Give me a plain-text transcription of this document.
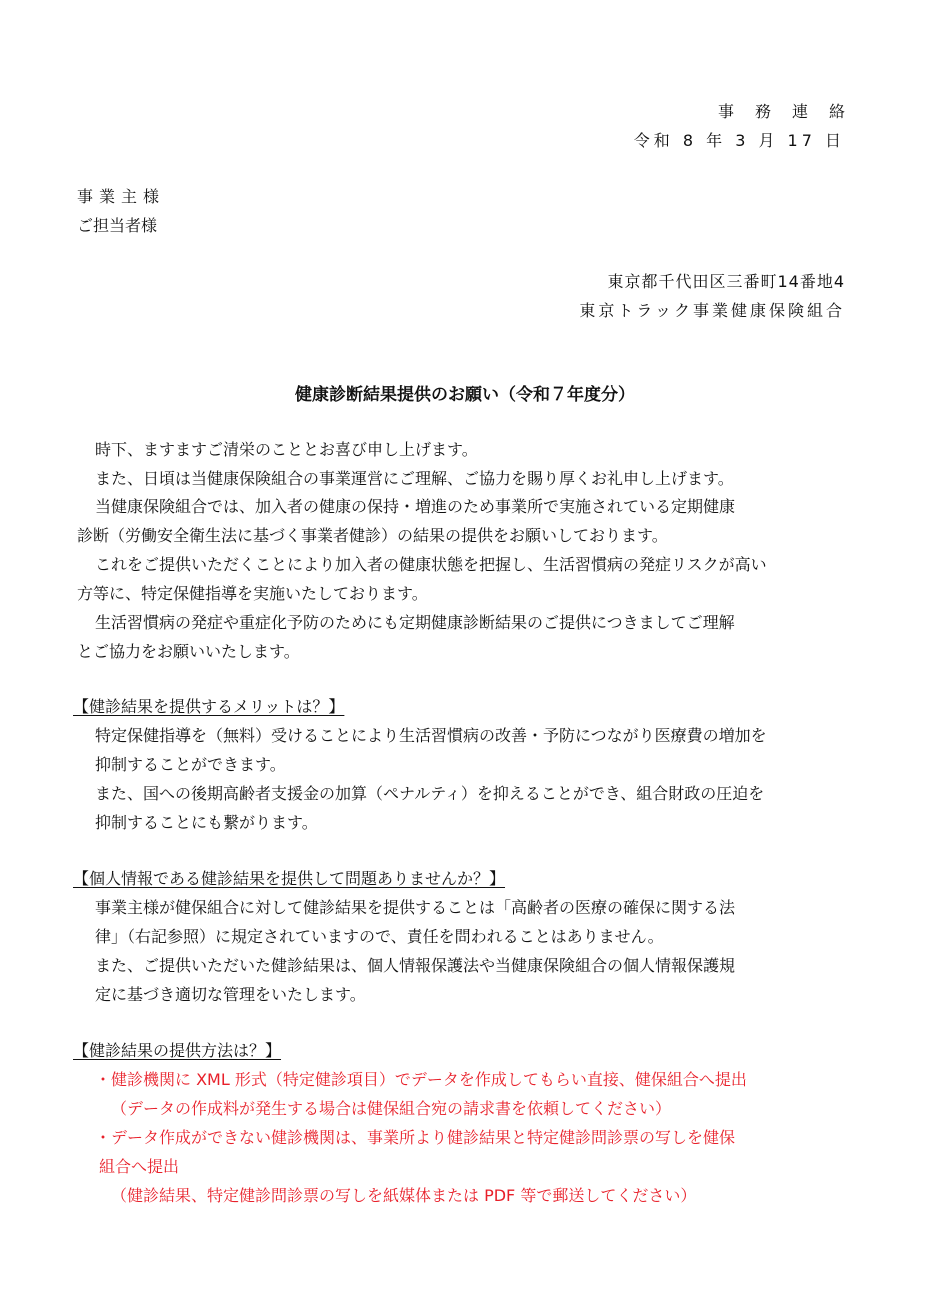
事務連絡

令和 8 年 3 月 17 日

事業主様

ご担当者様

東京都千代田区三番町14番地4

東京トラック事業健康保険組合

健康診断結果提供のお願い（令和７年度分）

時下、ますますご清栄のこととお喜び申し上げます。

また、日頃は当健康保険組合の事業運営にご理解、ご協力を賜り厚くお礼申し上げます。

当健康保険組合では、加入者の健康の保持・増進のため事業所で実施されている定期健康

診断（労働安全衛生法に基づく事業者健診）の結果の提供をお願いしております。

これをご提供いただくことにより加入者の健康状態を把握し、生活習慣病の発症リスクが高い

方等に、特定保健指導を実施いたしております。

生活習慣病の発症や重症化予防のためにも定期健康診断結果のご提供につきましてご理解

とご協力をお願いいたします。

【健診結果を提供するメリットは？】

特定保健指導を（無料）受けることにより生活習慣病の改善・予防につながり医療費の増加を

抑制することができます。

また、国への後期高齢者支援金の加算（ペナルティ）を抑えることができ、組合財政の圧迫を

抑制することにも繋がります。

【個人情報である健診結果を提供して問題ありませんか？】

事業主様が健保組合に対して健診結果を提供することは「高齢者の医療の確保に関する法

律」（右記参照）に規定されていますので、責任を問われることはありません。

また、ご提供いただいた健診結果は、個人情報保護法や当健康保険組合の個人情報保護規

定に基づき適切な管理をいたします。

【健診結果の提供方法は？】

・健診機関に XML 形式（特定健診項目）でデータを作成してもらい直接、健保組合へ提出

（データの作成料が発生する場合は健保組合宛の請求書を依頼してください）

・データ作成ができない健診機関は、事業所より健診結果と特定健診問診票の写しを健保

組合へ提出

（健診結果、特定健診問診票の写しを紙媒体または PDF 等で郵送してください）
